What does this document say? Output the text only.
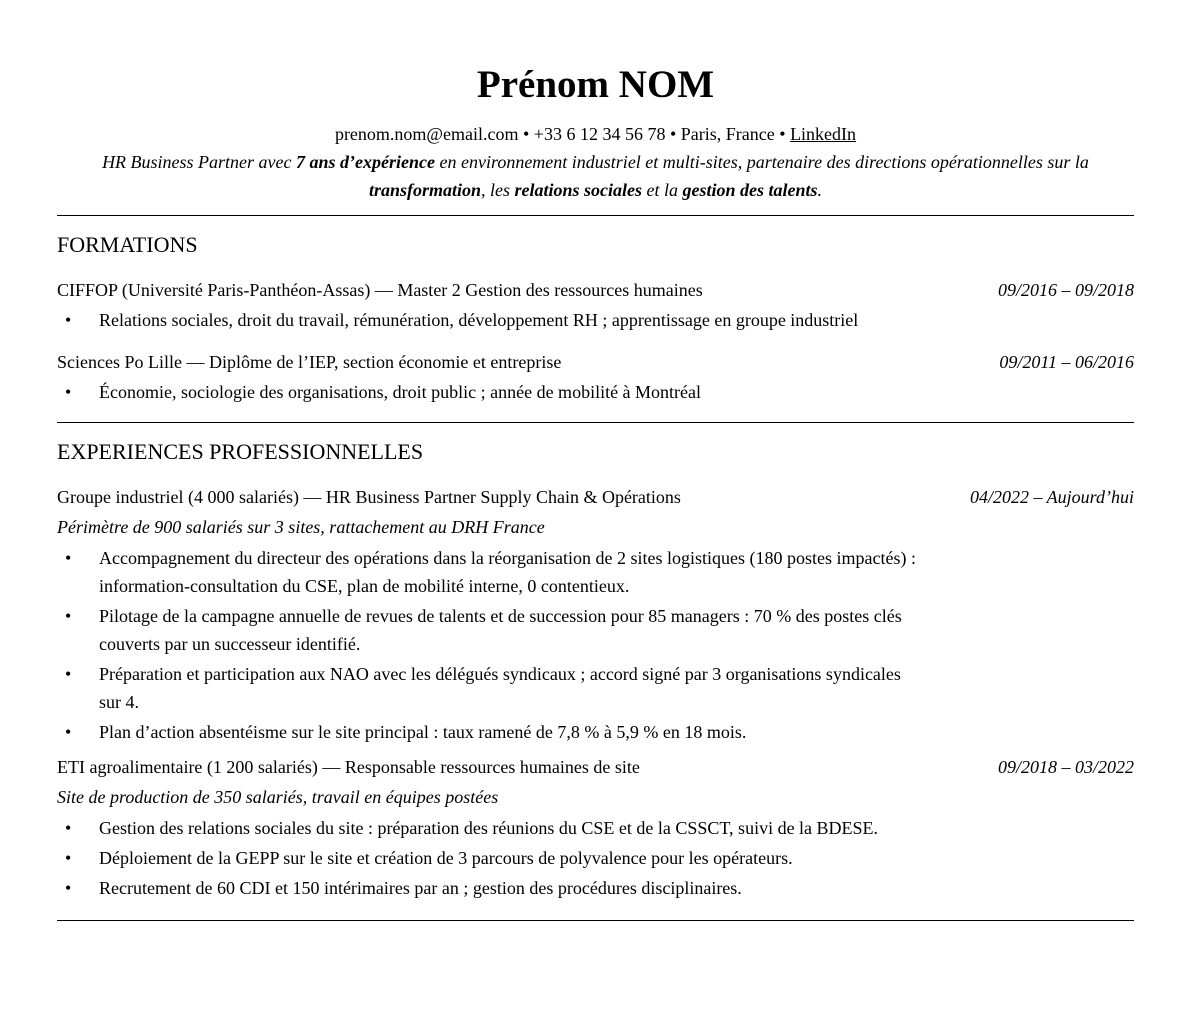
Prénom NOM
prenom.nom@email.com • +33 6 12 34 56 78 • Paris, France • LinkedIn
HR Business Partner avec 7 ans d’expérience en environnement industriel et multi-sites, partenaire des directions opérationnelles sur la transformation, les relations sociales et la gestion des talents.
FORMATIONS
CIFFOP (Université Paris-Panthéon-Assas) — Master 2 Gestion des ressources humaines	09/2016 – 09/2018
• Relations sociales, droit du travail, rémunération, développement RH ; apprentissage en groupe industriel
Sciences Po Lille — Diplôme de l’IEP, section économie et entreprise	09/2011 – 06/2016
• Économie, sociologie des organisations, droit public ; année de mobilité à Montréal
EXPERIENCES PROFESSIONNELLES
Groupe industriel (4 000 salariés) — HR Business Partner Supply Chain & Opérations	04/2022 – Aujourd’hui
Périmètre de 900 salariés sur 3 sites, rattachement au DRH France
• Accompagnement du directeur des opérations dans la réorganisation de 2 sites logistiques (180 postes impactés) : information-consultation du CSE, plan de mobilité interne, 0 contentieux.
• Pilotage de la campagne annuelle de revues de talents et de succession pour 85 managers : 70 % des postes clés couverts par un successeur identifié.
• Préparation et participation aux NAO avec les délégués syndicaux ; accord signé par 3 organisations syndicales sur 4.
• Plan d’action absentéisme sur le site principal : taux ramené de 7,8 % à 5,9 % en 18 mois.
ETI agroalimentaire (1 200 salariés) — Responsable ressources humaines de site	09/2018 – 03/2022
Site de production de 350 salariés, travail en équipes postées
• Gestion des relations sociales du site : préparation des réunions du CSE et de la CSSCT, suivi de la BDESE.
• Déploiement de la GEPP sur le site et création de 3 parcours de polyvalence pour les opérateurs.
• Recrutement de 60 CDI et 150 intérimaires par an ; gestion des procédures disciplinaires.
